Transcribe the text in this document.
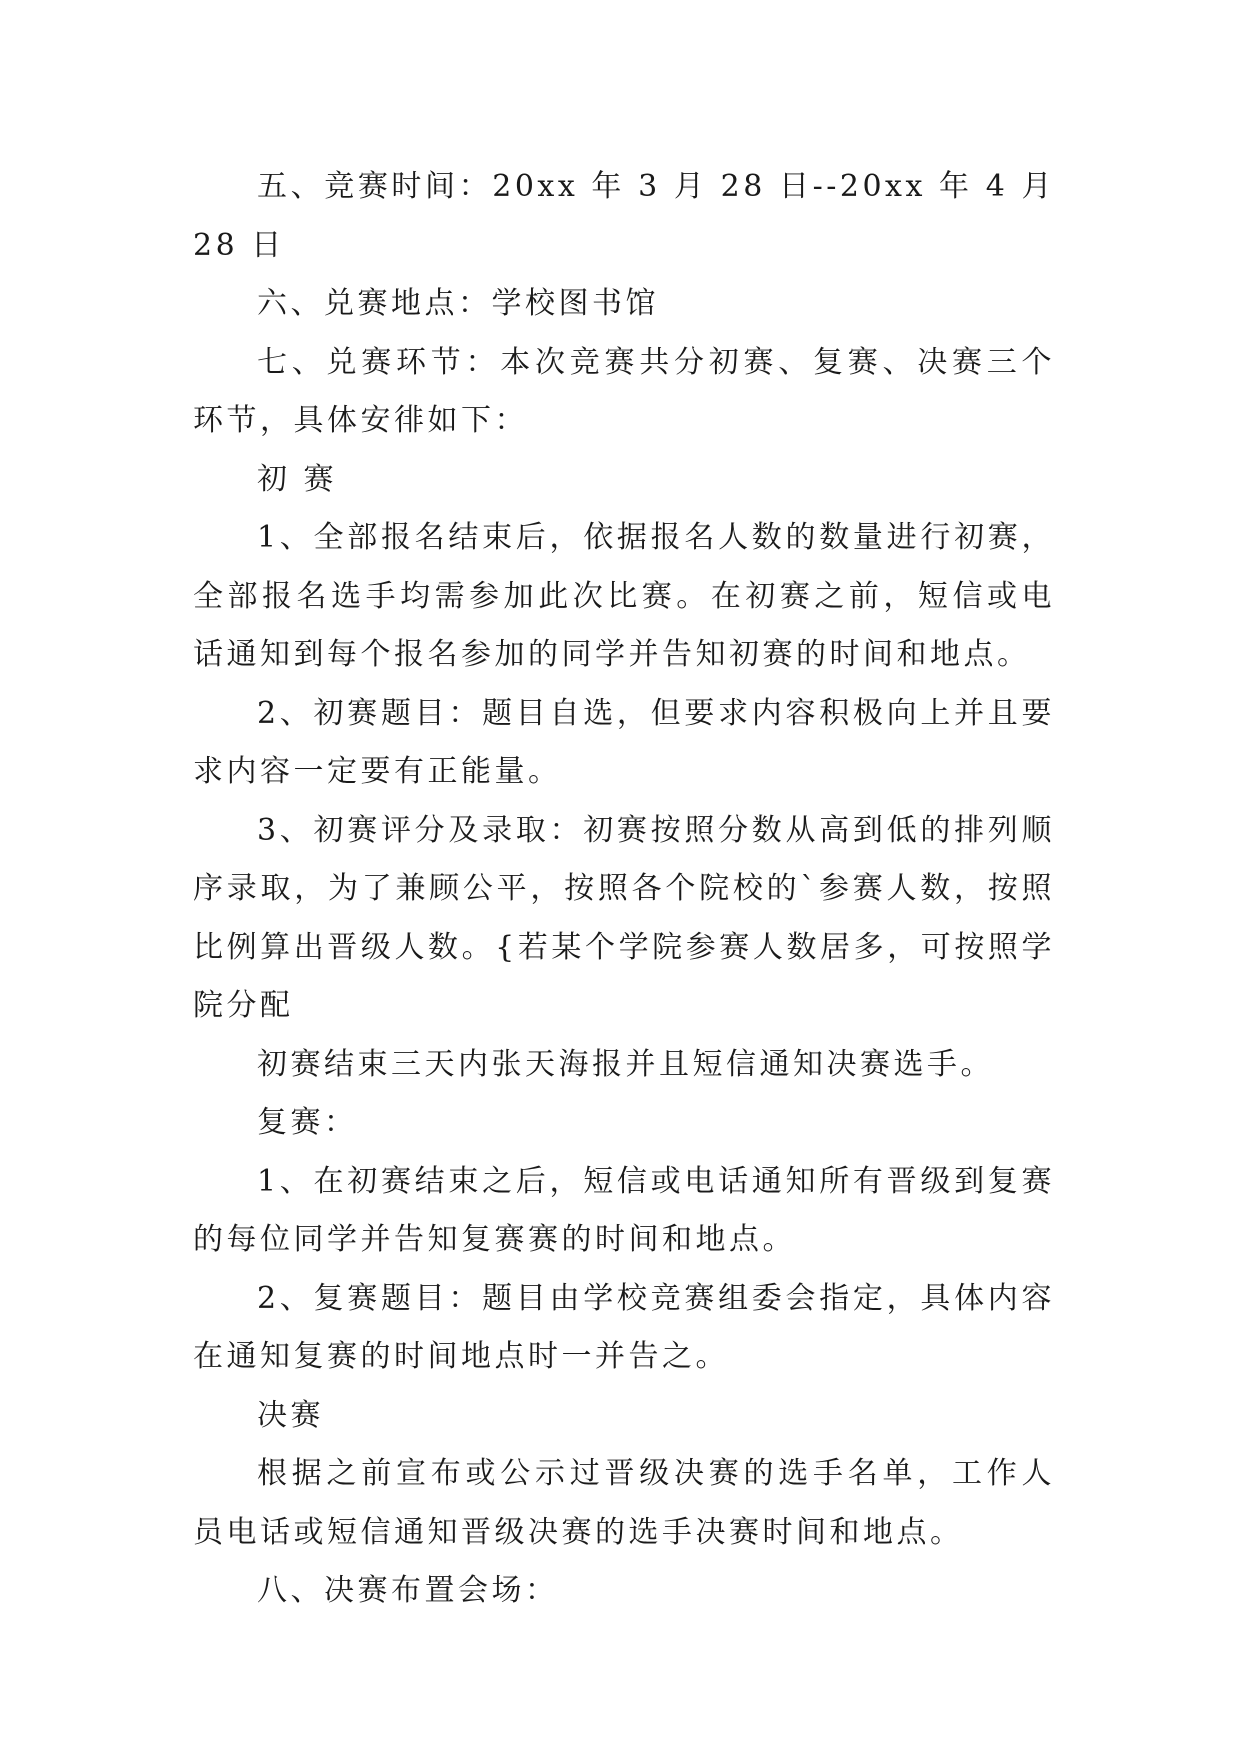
五、竞赛时间：20xx 年 3 月 28 日--20xx 年 4 月 28 日

六、兑赛地点：学校图书馆

七、兑赛环节：本次竞赛共分初赛、复赛、决赛三个环节，具体安徘如下：

初 赛

1、全部报名结束后，依据报名人数的数量进行初赛，全部报名选手均需参加此次比赛。在初赛之前，短信或电话通知到每个报名参加的同学并告知初赛的时间和地点。

2、初赛题目：题目自选，但要求内容积极向上并且要求内容一定要有正能量。

3、初赛评分及录取：初赛按照分数从高到低的排列顺序录取，为了兼顾公平，按照各个院校的`参赛人数，按照比例算出晋级人数。{若某个学院参赛人数居多，可按照学院分配

初赛结束三天内张天海报并且短信通知决赛选手。

复赛：

1、在初赛结束之后，短信或电话通知所有晋级到复赛的每位同学并告知复赛赛的时间和地点。

2、复赛题目：题目由学校竞赛组委会指定，具体内容在通知复赛的时间地点时一并告之。

决赛

根据之前宣布或公示过晋级决赛的选手名单，工作人员电话或短信通知晋级决赛的选手决赛时间和地点。

八、决赛布置会场：
